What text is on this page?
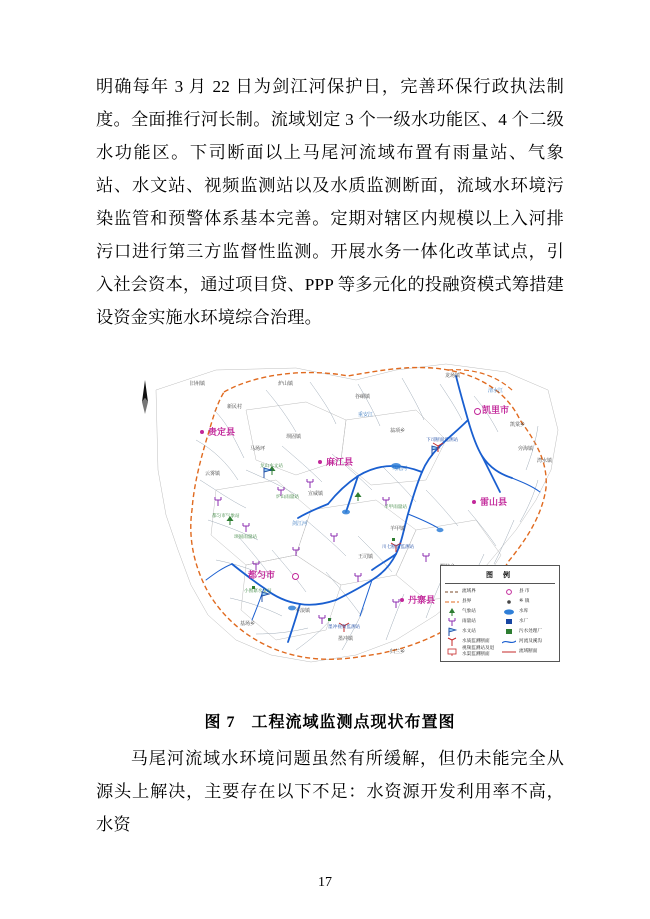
明确每年 3 月 22 日为剑江河保护日，完善环保行政执法制度。全面推行河长制。流域划定 3 个一级水功能区、4 个二级水功能区。下司断面以上马尾河流域布置有雨量站、气象站、水文站、视频监测站以及水质监测断面，流域水环境污染监管和预警体系基本完善。定期对辖区内规模以上入河排污口进行第三方监督性监测。开展水务一体化改革试点，引入社会资本，通过项目贷、PPP 等多元化的投融资模式筹措建设资金实施水环境综合治理。
贵定县
麻江县
凯里市
雷山县
都匀市
丹寨县
龙场镇
旧州镇	炉山镇
谷硐镇
翁项乡
新民村
云雾镇
马场坪
坝固镇
宣威镇
凯棠乡
旁海镇
湾水镇
羊甲镇
基场乡
平浪镇
墨冲镇
归兰乡
王司镇
清水江
马尾河
剑江河
重安江
下司断面监测站
龙山水文站
都匀市气象站
羊甲雨量站
炉山雨量站
坝固雨量站
川七断面监测站
小围寨水文站
墨冲视频监测站
图 例
流域界
县界
气象站
雨量站
水文站
水质监测断面
视频监测站及退水渠监测断面
县 市
乡 镇
水库
水厂
污水处理厂
河流及溪沟
流域断面
图 7 工程流域监测点现状布置图
马尾河流域水环境问题虽然有所缓解，但仍未能完全从源头上解决，主要存在以下不足：水资源开发利用率不高，水资
17
